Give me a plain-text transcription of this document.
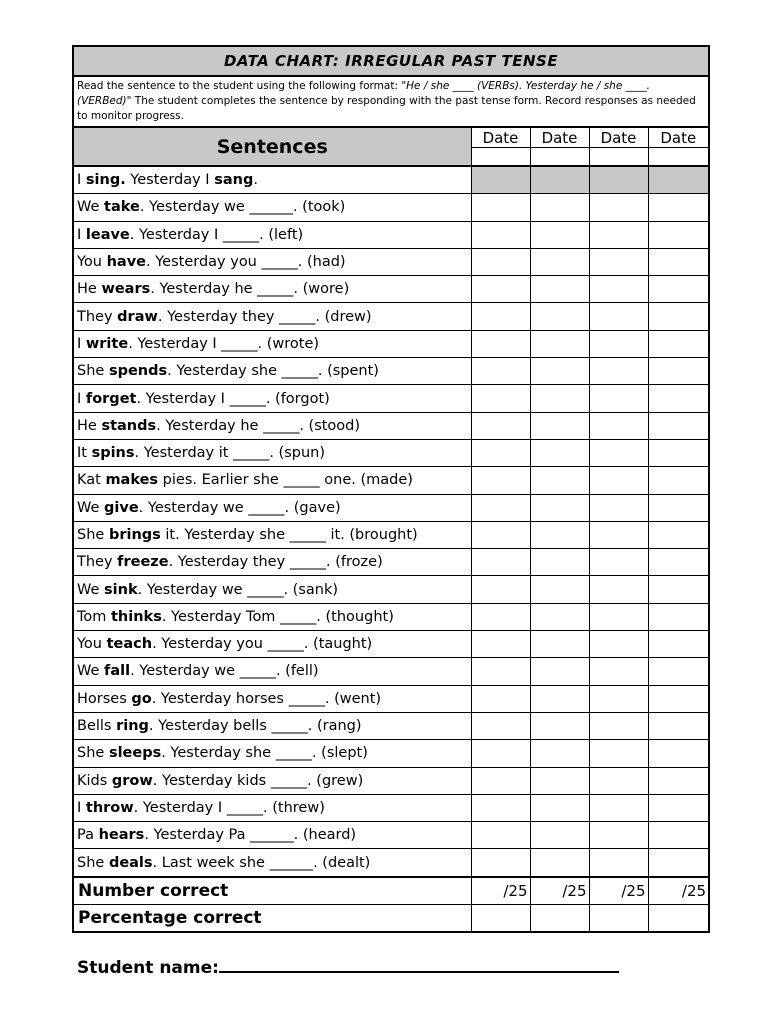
DATA CHART: IRREGULAR PAST TENSE				
Read the sentence to the student using the following format: "He / she ____ (VERBs). Yesterday he / she ____. (VERBed)" The student completes the sentence by responding with the past tense form. Record responses as needed to monitor progress.				
Sentences	Date	Date	Date	Date

I sing. Yesterday I sang.				
We take. Yesterday we ______. (took)				
I leave. Yesterday I _____. (left)				
You have. Yesterday you _____. (had)				
He wears. Yesterday he _____. (wore)				
They draw. Yesterday they _____. (drew)				
I write. Yesterday I _____. (wrote)				
She spends. Yesterday she _____. (spent)				
I forget. Yesterday I _____. (forgot)				
He stands. Yesterday he _____. (stood)				
It spins. Yesterday it _____. (spun)				
Kat makes pies. Earlier she _____ one. (made)				
We give. Yesterday we _____. (gave)				
She brings it. Yesterday she _____ it. (brought)				
They freeze. Yesterday they _____. (froze)				
We sink. Yesterday we _____. (sank)				
Tom thinks. Yesterday Tom _____. (thought)				
You teach. Yesterday you _____. (taught)				
We fall. Yesterday we _____. (fell)				
Horses go. Yesterday horses _____. (went)				
Bells ring. Yesterday bells _____. (rang)				
She sleeps. Yesterday she _____. (slept)				
Kids grow. Yesterday kids _____. (grew)				
I throw. Yesterday I _____. (threw)				
Pa hears. Yesterday Pa ______. (heard)				
She deals. Last week she ______. (dealt)				
Number correct	/25	/25	/25	/25
Percentage correct				
Student name:
